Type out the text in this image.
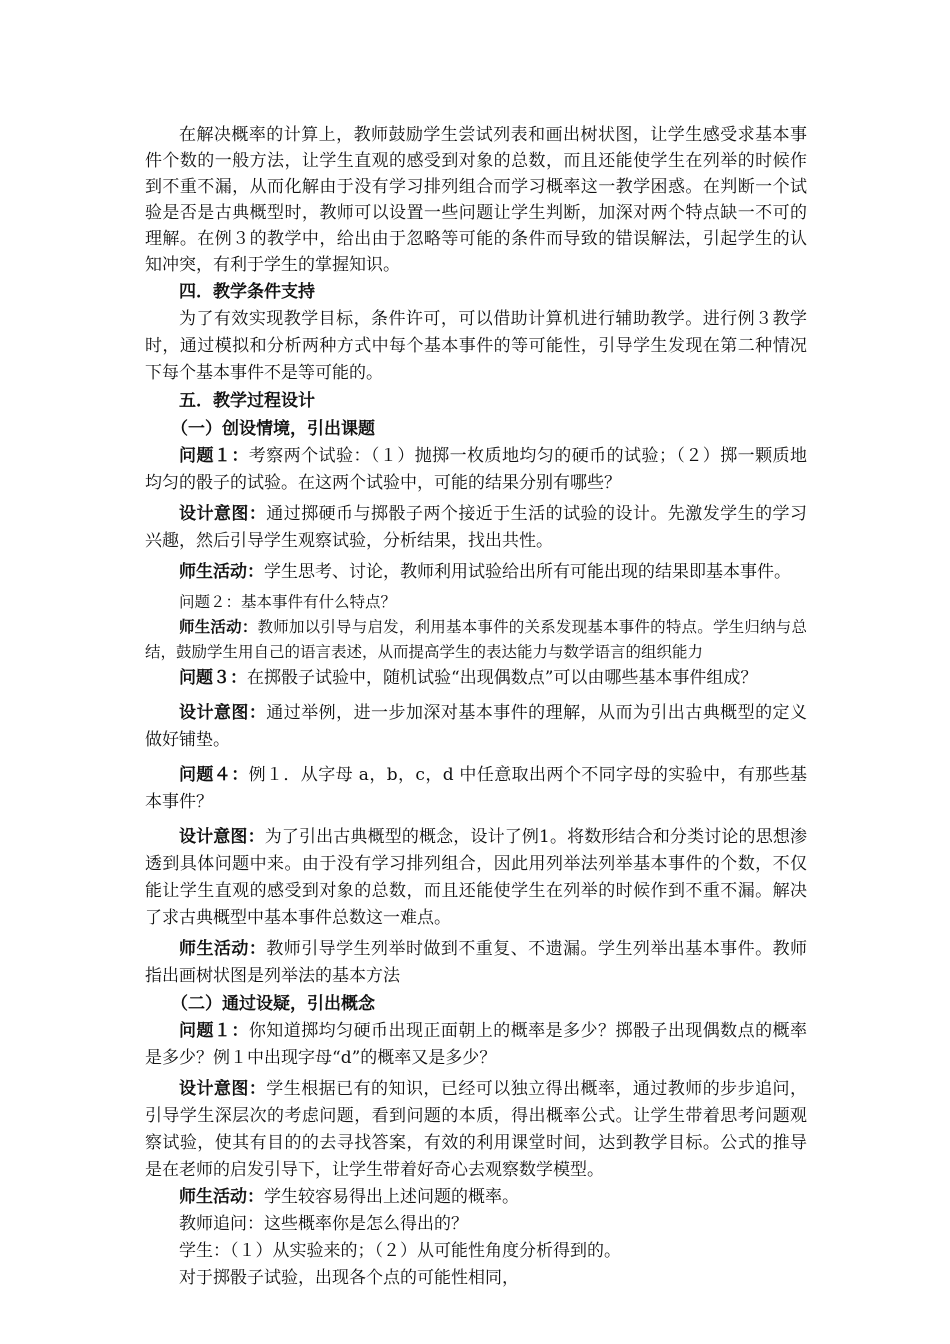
在解决概率的计算上，教师鼓励学生尝试列表和画出树状图，让学生感受求基本事件个数的一般方法，让学生直观的感受到对象的总数，而且还能使学生在列举的时候作到不重不漏，从而化解由于没有学习排列组合而学习概率这一教学困惑。在判断一个试验是否是古典概型时，教师可以设置一些问题让学生判断，加深对两个特点缺一不可的理解。在例３的教学中，给出由于忽略等可能的条件而导致的错误解法，引起学生的认知冲突，有利于学生的掌握知识。

四．教学条件支持

为了有效实现教学目标，条件许可，可以借助计算机进行辅助教学。进行例３教学时，通过模拟和分析两种方式中每个基本事件的等可能性，引导学生发现在第二种情况下每个基本事件不是等可能的。

五．教学过程设计

（一）创设情境，引出课题

问题１：考察两个试验：（１）抛掷一枚质地均匀的硬币的试验；（２）掷一颗质地均匀的骰子的试验。在这两个试验中，可能的结果分别有哪些？

设计意图：通过掷硬币与掷骰子两个接近于生活的试验的设计。先激发学生的学习兴趣，然后引导学生观察试验，分析结果，找出共性。

师生活动：学生思考、讨论，教师利用试验给出所有可能出现的结果即基本事件。

问题２：基本事件有什么特点？

师生活动：教师加以引导与启发，利用基本事件的关系发现基本事件的特点。学生归纳与总结，鼓励学生用自己的语言表述，从而提高学生的表达能力与数学语言的组织能力

问题３：在掷骰子试验中，随机试验“出现偶数点”可以由哪些基本事件组成？

设计意图：通过举例，进一步加深对基本事件的理解，从而为引出古典概型的定义做好铺垫。

问题４：例１．从字母 a，b，c，d 中任意取出两个不同字母的实验中，有那些基本事件？

设计意图：为了引出古典概型的概念，设计了例1。将数形结合和分类讨论的思想渗透到具体问题中来。由于没有学习排列组合，因此用列举法列举基本事件的个数，不仅能让学生直观的感受到对象的总数，而且还能使学生在列举的时候作到不重不漏。解决了求古典概型中基本事件总数这一难点。

师生活动：教师引导学生列举时做到不重复、不遗漏。学生列举出基本事件。教师指出画树状图是列举法的基本方法

（二）通过设疑，引出概念

问题１：你知道掷均匀硬币出现正面朝上的概率是多少？掷骰子出现偶数点的概率是多少？例１中出现字母“d”的概率又是多少？

设计意图：学生根据已有的知识，已经可以独立得出概率，通过教师的步步追问，引导学生深层次的考虑问题，看到问题的本质，得出概率公式。让学生带着思考问题观察试验，使其有目的的去寻找答案，有效的利用课堂时间，达到教学目标。公式的推导是在老师的启发引导下，让学生带着好奇心去观察数学模型。

师生活动：学生较容易得出上述问题的概率。

教师追问：这些概率你是怎么得出的？

学生：（１）从实验来的；（２）从可能性角度分析得到的。

对于掷骰子试验，出现各个点的可能性相同，
